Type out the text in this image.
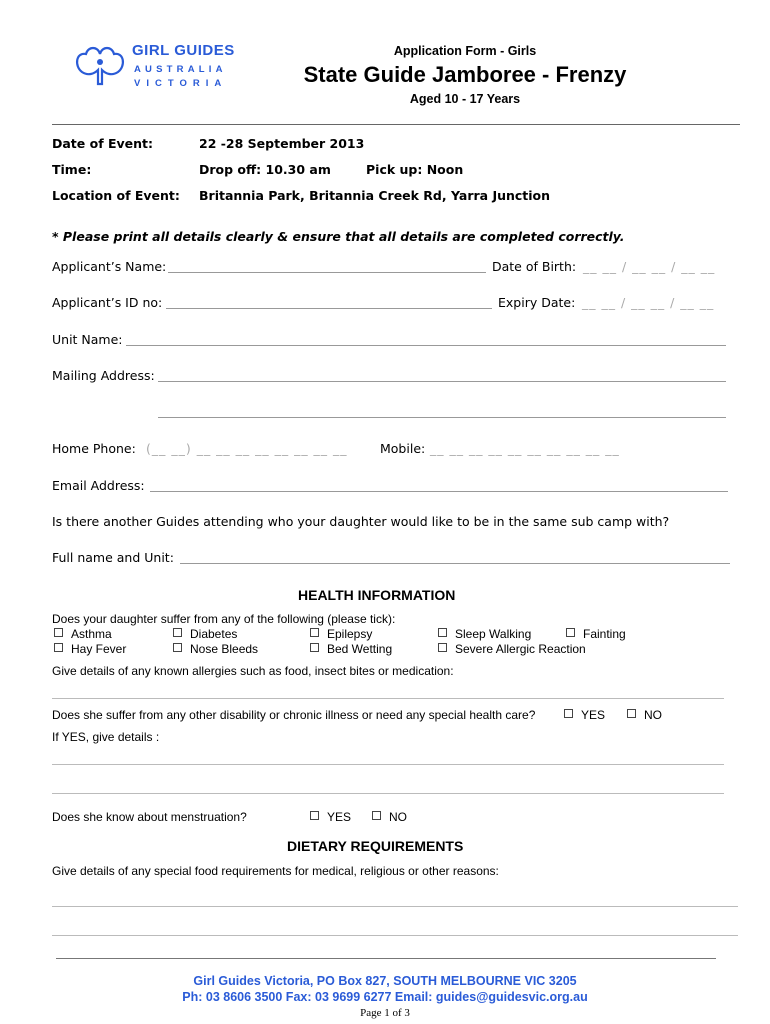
GIRL GUIDES
AUSTRALIA
VICTORIA
Application Form - Girls
State Guide Jamboree - Frenzy
Aged 10 - 17 Years
Date of Event:	22 -28 September 2013
Time:	Drop off: 10.30 am	Pick up: Noon
Location of Event: Britannia Park, Britannia Creek Rd, Yarra Junction
* Please print all details clearly & ensure that all details are completed correctly.
Applicant’s Name:	Date of Birth: __ __ / __ __ / __ __
Applicant’s ID no:	Expiry Date: __ __ / __ __ / __ __
Unit Name:
Mailing Address:
Home Phone: (__ __) __ __ __ __ __ __ __ __	Mobile: __ __ __ __ __ __ __ __ __ __
Email Address:
Is there another Guides attending who your daughter would like to be in the same sub camp with?
Full name and Unit:
HEALTH INFORMATION
Does your daughter suffer from any of the following (please tick):
Asthma	Diabetes	Epilepsy	Sleep Walking	Fainting
Hay Fever	Nose Bleeds	Bed Wetting	Severe Allergic Reaction
Give details of any known allergies such as food, insect bites or medication:
Does she suffer from any other disability or chronic illness or need any special health care?	YES	NO
If YES, give details :
Does she know about menstruation?	YES	NO
DIETARY REQUIREMENTS
Give details of any special food requirements for medical, religious or other reasons:
Girl Guides Victoria, PO Box 827, SOUTH MELBOURNE VIC 3205
Ph: 03 8606 3500 Fax: 03 9699 6277 Email: guides@guidesvic.org.au
Page 1 of 3
